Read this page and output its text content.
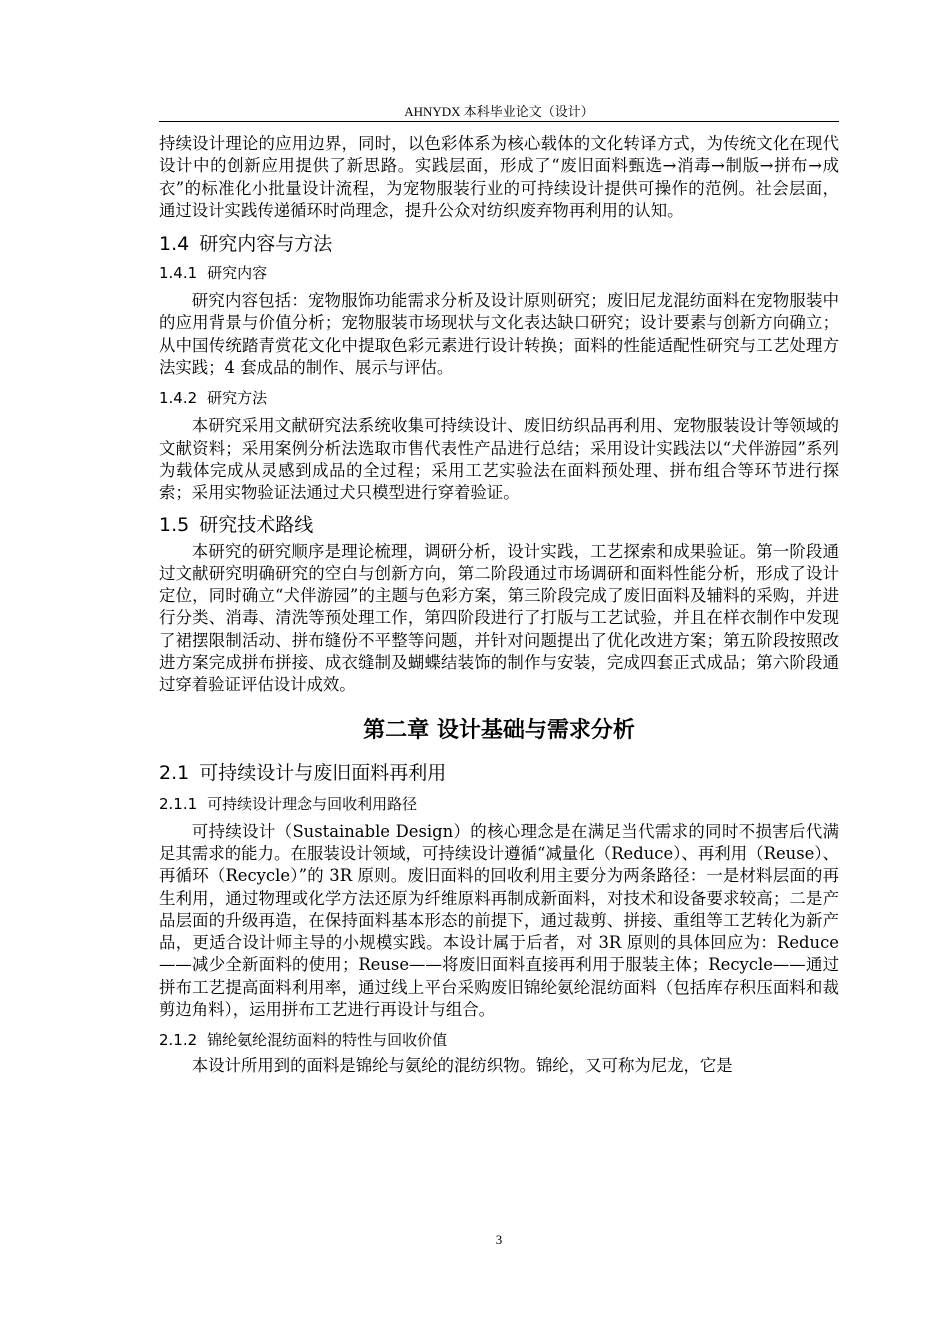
AHNYDX 本科毕业论文（设计）

持续设计理论的应用边界，同时，以色彩体系为核心载体的文化转译方式，为传统文化在现代设计中的创新应用提供了新思路。实践层面，形成了“废旧面料甄选→消毒→制版→拼布→成衣”的标准化小批量设计流程，为宠物服装行业的可持续设计提供可操作的范例。社会层面，通过设计实践传递循环时尚理念，提升公众对纺织废弃物再利用的认知。

1.4 研究内容与方法
1.4.1 研究内容

研究内容包括：宠物服饰功能需求分析及设计原则研究；废旧尼龙混纺面料在宠物服装中的应用背景与价值分析；宠物服装市场现状与文化表达缺口研究；设计要素与创新方向确立；从中国传统踏青赏花文化中提取色彩元素进行设计转换；面料的性能适配性研究与工艺处理方法实践；4 套成品的制作、展示与评估。

1.4.2 研究方法

本研究采用文献研究法系统收集可持续设计、废旧纺织品再利用、宠物服装设计等领域的文献资料；采用案例分析法选取市售代表性产品进行总结；采用设计实践法以“犬伴游园”系列为载体完成从灵感到成品的全过程；采用工艺实验法在面料预处理、拼布组合等环节进行探索；采用实物验证法通过犬只模型进行穿着验证。

1.5 研究技术路线

本研究的研究顺序是理论梳理，调研分析，设计实践，工艺探索和成果验证。第一阶段通过文献研究明确研究的空白与创新方向，第二阶段通过市场调研和面料性能分析，形成了设计定位，同时确立“犬伴游园”的主题与色彩方案，第三阶段完成了废旧面料及辅料的采购，并进行分类、消毒、清洗等预处理工作，第四阶段进行了打版与工艺试验，并且在样衣制作中发现了裙摆限制活动、拼布缝份不平整等问题，并针对问题提出了优化改进方案；第五阶段按照改进方案完成拼布拼接、成衣缝制及蝴蝶结装饰的制作与安装，完成四套正式成品；第六阶段通过穿着验证评估设计成效。

第二章 设计基础与需求分析
2.1 可持续设计与废旧面料再利用
2.1.1 可持续设计理念与回收利用路径

可持续设计（Sustainable Design）的核心理念是在满足当代需求的同时不损害后代满足其需求的能力。在服装设计领域，可持续设计遵循“减量化（Reduce）、再利用（Reuse）、再循环（Recycle）”的 3R 原则。废旧面料的回收利用主要分为两条路径：一是材料层面的再生利用，通过物理或化学方法还原为纤维原料再制成新面料，对技术和设备要求较高；二是产品层面的升级再造，在保持面料基本形态的前提下，通过裁剪、拼接、重组等工艺转化为新产品，更适合设计师主导的小规模实践。本设计属于后者，对 3R 原则的具体回应为：Reduce——减少全新面料的使用；Reuse——将废旧面料直接再利用于服装主体；Recycle——通过拼布工艺提高面料利用率，通过线上平台采购废旧锦纶氨纶混纺面料（包括库存积压面料和裁剪边角料），运用拼布工艺进行再设计与组合。

2.1.2 锦纶氨纶混纺面料的特性与回收价值

本设计所用到的面料是锦纶与氨纶的混纺织物。锦纶，又可称为尼龙，它是

3
